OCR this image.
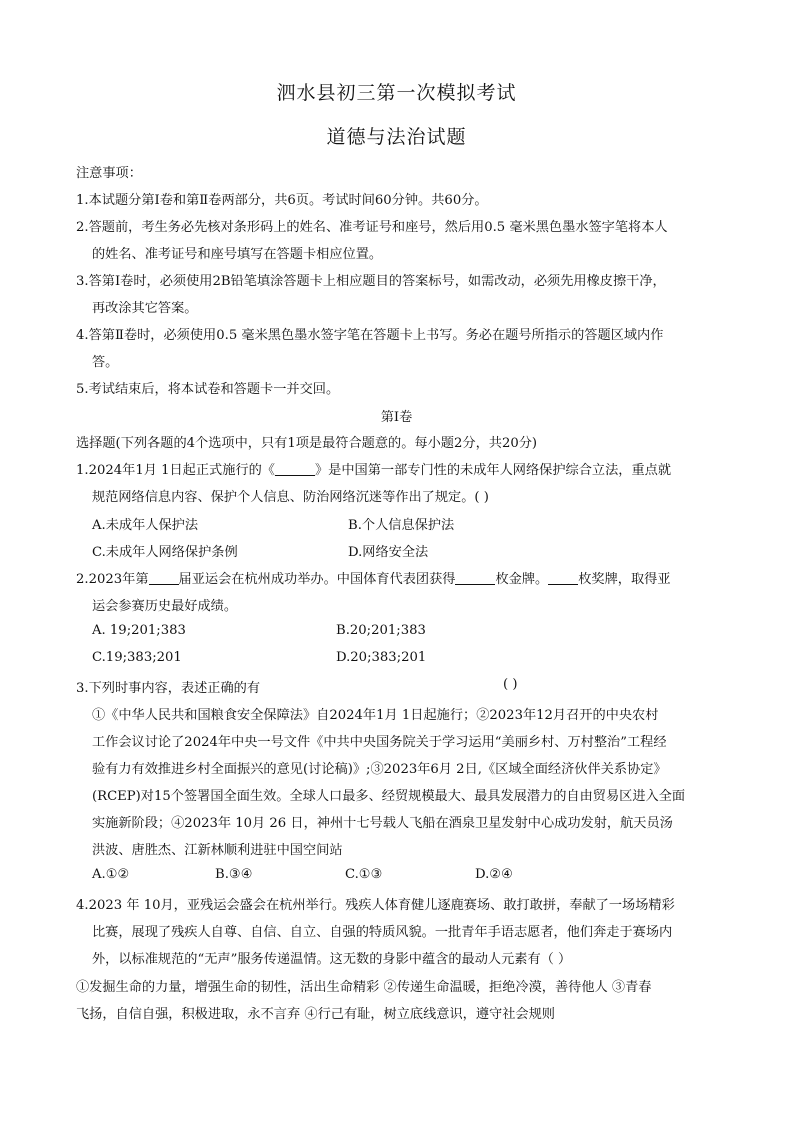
泗水县初三第一次模拟考试
道德与法治试题
注意事项：
1.本试题分第Ⅰ卷和第Ⅱ卷两部分，共6页。考试时间60分钟。共60分。
2.答题前，考生务必先核对条形码上的姓名、准考证号和座号，然后用0.5 毫米黑色墨水签字笔将本人
的姓名、准考证号和座号填写在答题卡相应位置。
3.答第Ⅰ卷时，必须使用2B铅笔填涂答题卡上相应题目的答案标号，如需改动，必须先用橡皮擦干净，
再改涂其它答案。
4.答第Ⅱ卷时，必须使用0.5 毫米黑色墨水签字笔在答题卡上书写。务必在题号所指示的答题区域内作
答。
5.考试结束后，将本试卷和答题卡一并交回。
第Ⅰ卷
选择题(下列各题的4个选项中，只有1项是最符合题意的。每小题2分，共20分)
1.2024年1月 1日起正式施行的《	》是中国第一部专门性的未成年人网络保护综合立法，重点就
规范网络信息内容、保护个人信息、防治网络沉迷等作出了规定。( )
A.未成年人保护法	B.个人信息保护法
C.未成年人网络保护条例	D.网络安全法
2.2023年第 届亚运会在杭州成功举办。中国体育代表团获得	枚金牌。 枚奖牌，取得亚
运会参赛历史最好成绩。
A. 19;201;383	B.20;201;383
C.19;383;201	D.20;383;201
3.下列时事内容，表述正确的有	( )
①《中华人民共和国粮食安全保障法》自2024年1月 1日起施行；②2023年12月召开的中央农村
工作会议讨论了2024年中央一号文件《中共中央国务院关于学习运用“美丽乡村、万村整治”工程经
验有力有效推进乡村全面振兴的意见(讨论稿)》;③2023年6月 2日,《区域全面经济伙伴关系协定》
(RCEP)对15个签署国全面生效。全球人口最多、经贸规模最大、最具发展潜力的自由贸易区进入全面
实施新阶段；④2023年 10月 26 日，神州十七号载人飞船在酒泉卫星发射中心成功发射，航天员汤
洪波、唐胜杰、江新林顺利进驻中国空间站
A.①②	B.③④	C.①③	D.②④
4.2023 年 10月，亚残运会盛会在杭州举行。残疾人体育健儿逐鹿赛场、敢打敢拼，奉献了一场场精彩
比赛，展现了残疾人自尊、自信、自立、自强的特质风貌。一批青年手语志愿者，他们奔走于赛场内
外，以标准规范的“无声”服务传递温情。这无数的身影中蕴含的最动人元素有（ ）
①发掘生命的力量，增强生命的韧性，活出生命精彩 ②传递生命温暖，拒绝冷漠，善待他人 ③青春
飞扬，自信自强，积极进取，永不言弃 ④行己有耻，树立底线意识，遵守社会规则
